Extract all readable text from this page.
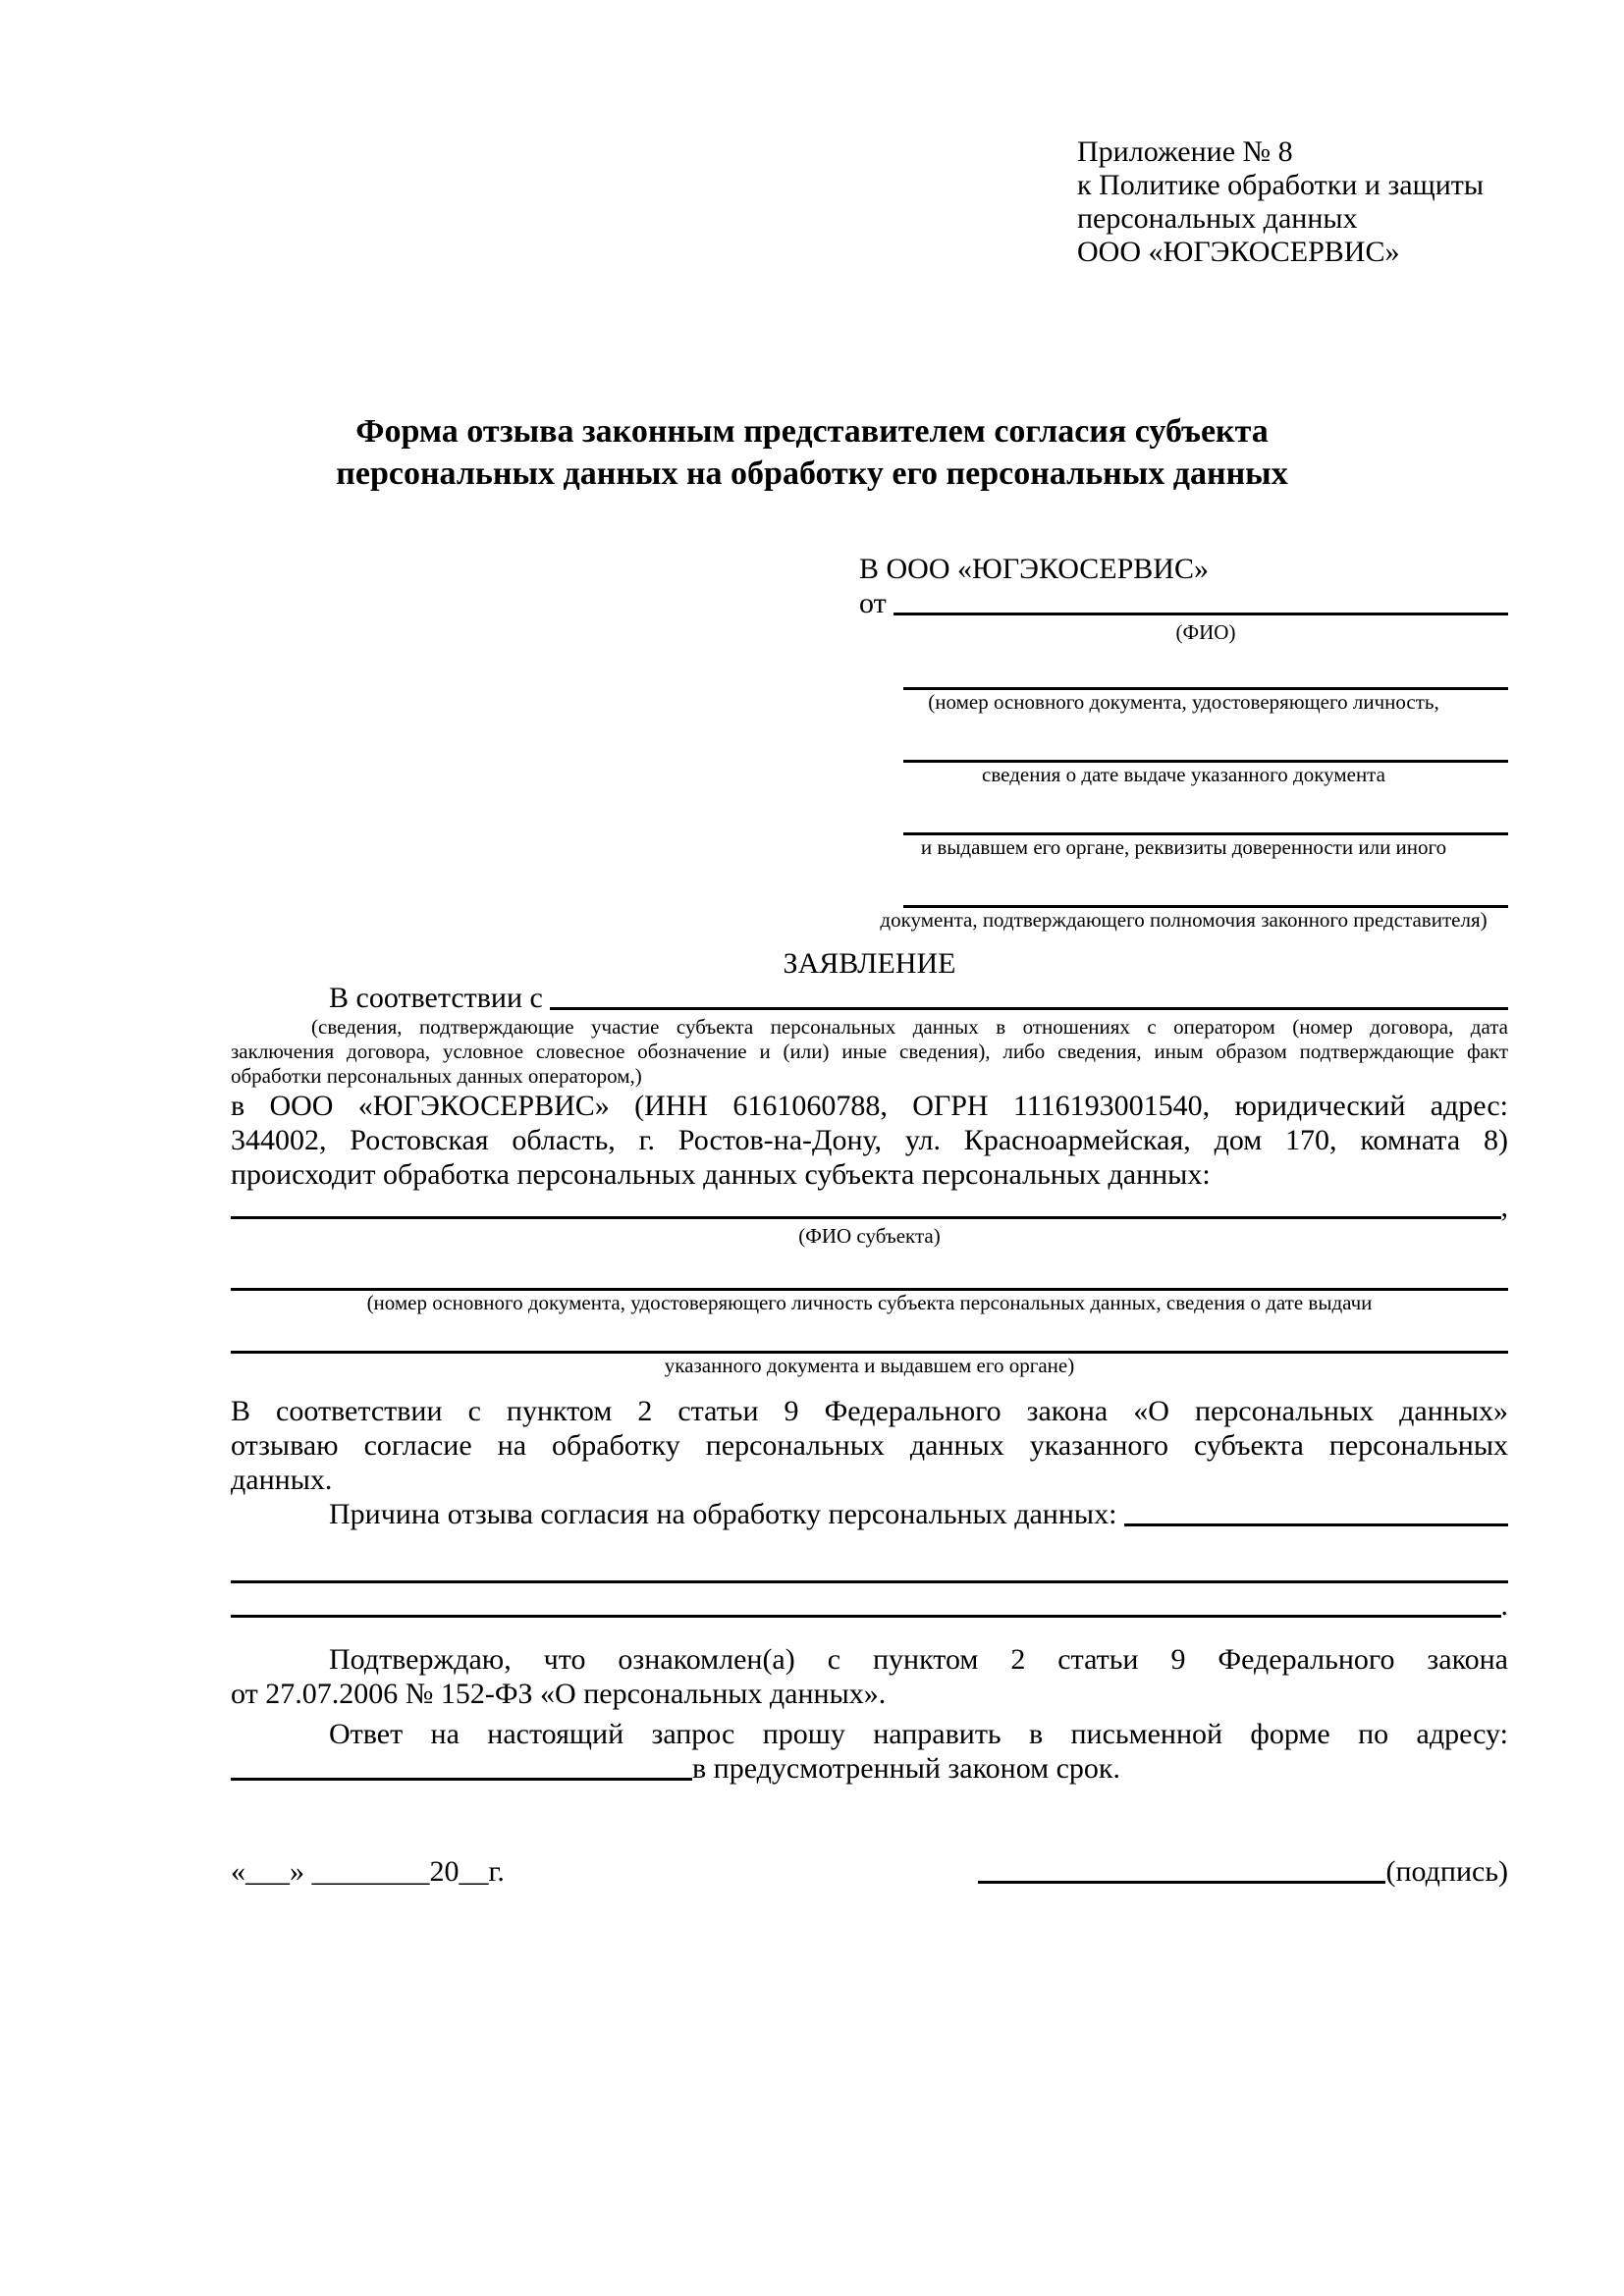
Приложение № 8
к Политике обработки и защиты
персональных данных
ООО «ЮГЭКОСЕРВИС»
Форма отзыва законным представителем согласия субъекта
персональных данных на обработку его персональных данных
В ООО «ЮГЭКОСЕРВИС»
от

(ФИО)
(номер основного документа, удостоверяющего личность,
сведения о дате выдаче указанного документа
и выдавшем его органе, реквизиты доверенности или иного
документа, подтверждающего полномочия законного представителя)
ЗАЯВЛЕНИЕ
В соответствии с

(сведения, подтверждающие участие субъекта персональных данных в отношениях с оператором (номер договора, дата
заключения договора, условное словесное обозначение и (или) иные сведения), либо сведения, иным образом подтверждающие факт
обработки персональных данных оператором,)
в ООО «ЮГЭКОСЕРВИС» (ИНН 6161060788, ОГРН 1116193001540, юридический адрес:
344002, Ростовская область, г. Ростов-на-Дону, ул. Красноармейская, дом 170, комната 8)
происходит обработка персональных данных субъекта персональных данных:
,
(ФИО субъекта)
(номер основного документа, удостоверяющего личность субъекта персональных данных, сведения о дате выдачи
указанного документа и выдавшем его органе)
В соответствии с пунктом 2 статьи 9 Федерального закона «О персональных данных»
отзываю согласие на обработку персональных данных указанного субъекта персональных
данных.
Причина отзыва согласия на обработку персональных данных:

.
Подтверждаю, что ознакомлен(а) с пунктом 2 статьи 9 Федерального закона
от 27.07.2006 № 152-ФЗ «О персональных данных».
Ответ на настоящий запрос прошу направить в письменной форме по адресу:
в предусмотренный законом срок.
«___» ________20__г.	(подпись)
